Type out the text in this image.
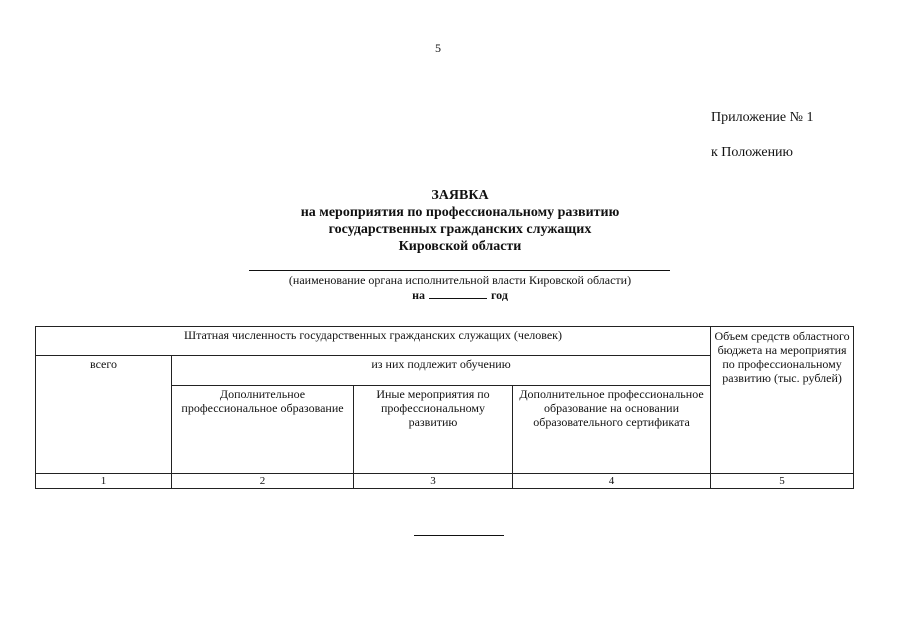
5
Приложение № 1
к Положению
ЗАЯВКА
на мероприятия по профессиональному развитию
государственных гражданских служащих
Кировской области
(наименование органа исполнительной власти Кировской области)
на	год
Штатная численность государственных гражданских служащих (человек)				Объем средств областного бюджета на мероприятия по профессиональному развитию (тыс. рублей)
всего	из них подлежит обучению			
	Дополнительное профессиональное образование	Иные мероприятия по профессиональному развитию	Дополнительное профессиональное образование на основании образовательного сертификата	
1	2	3	4	5
